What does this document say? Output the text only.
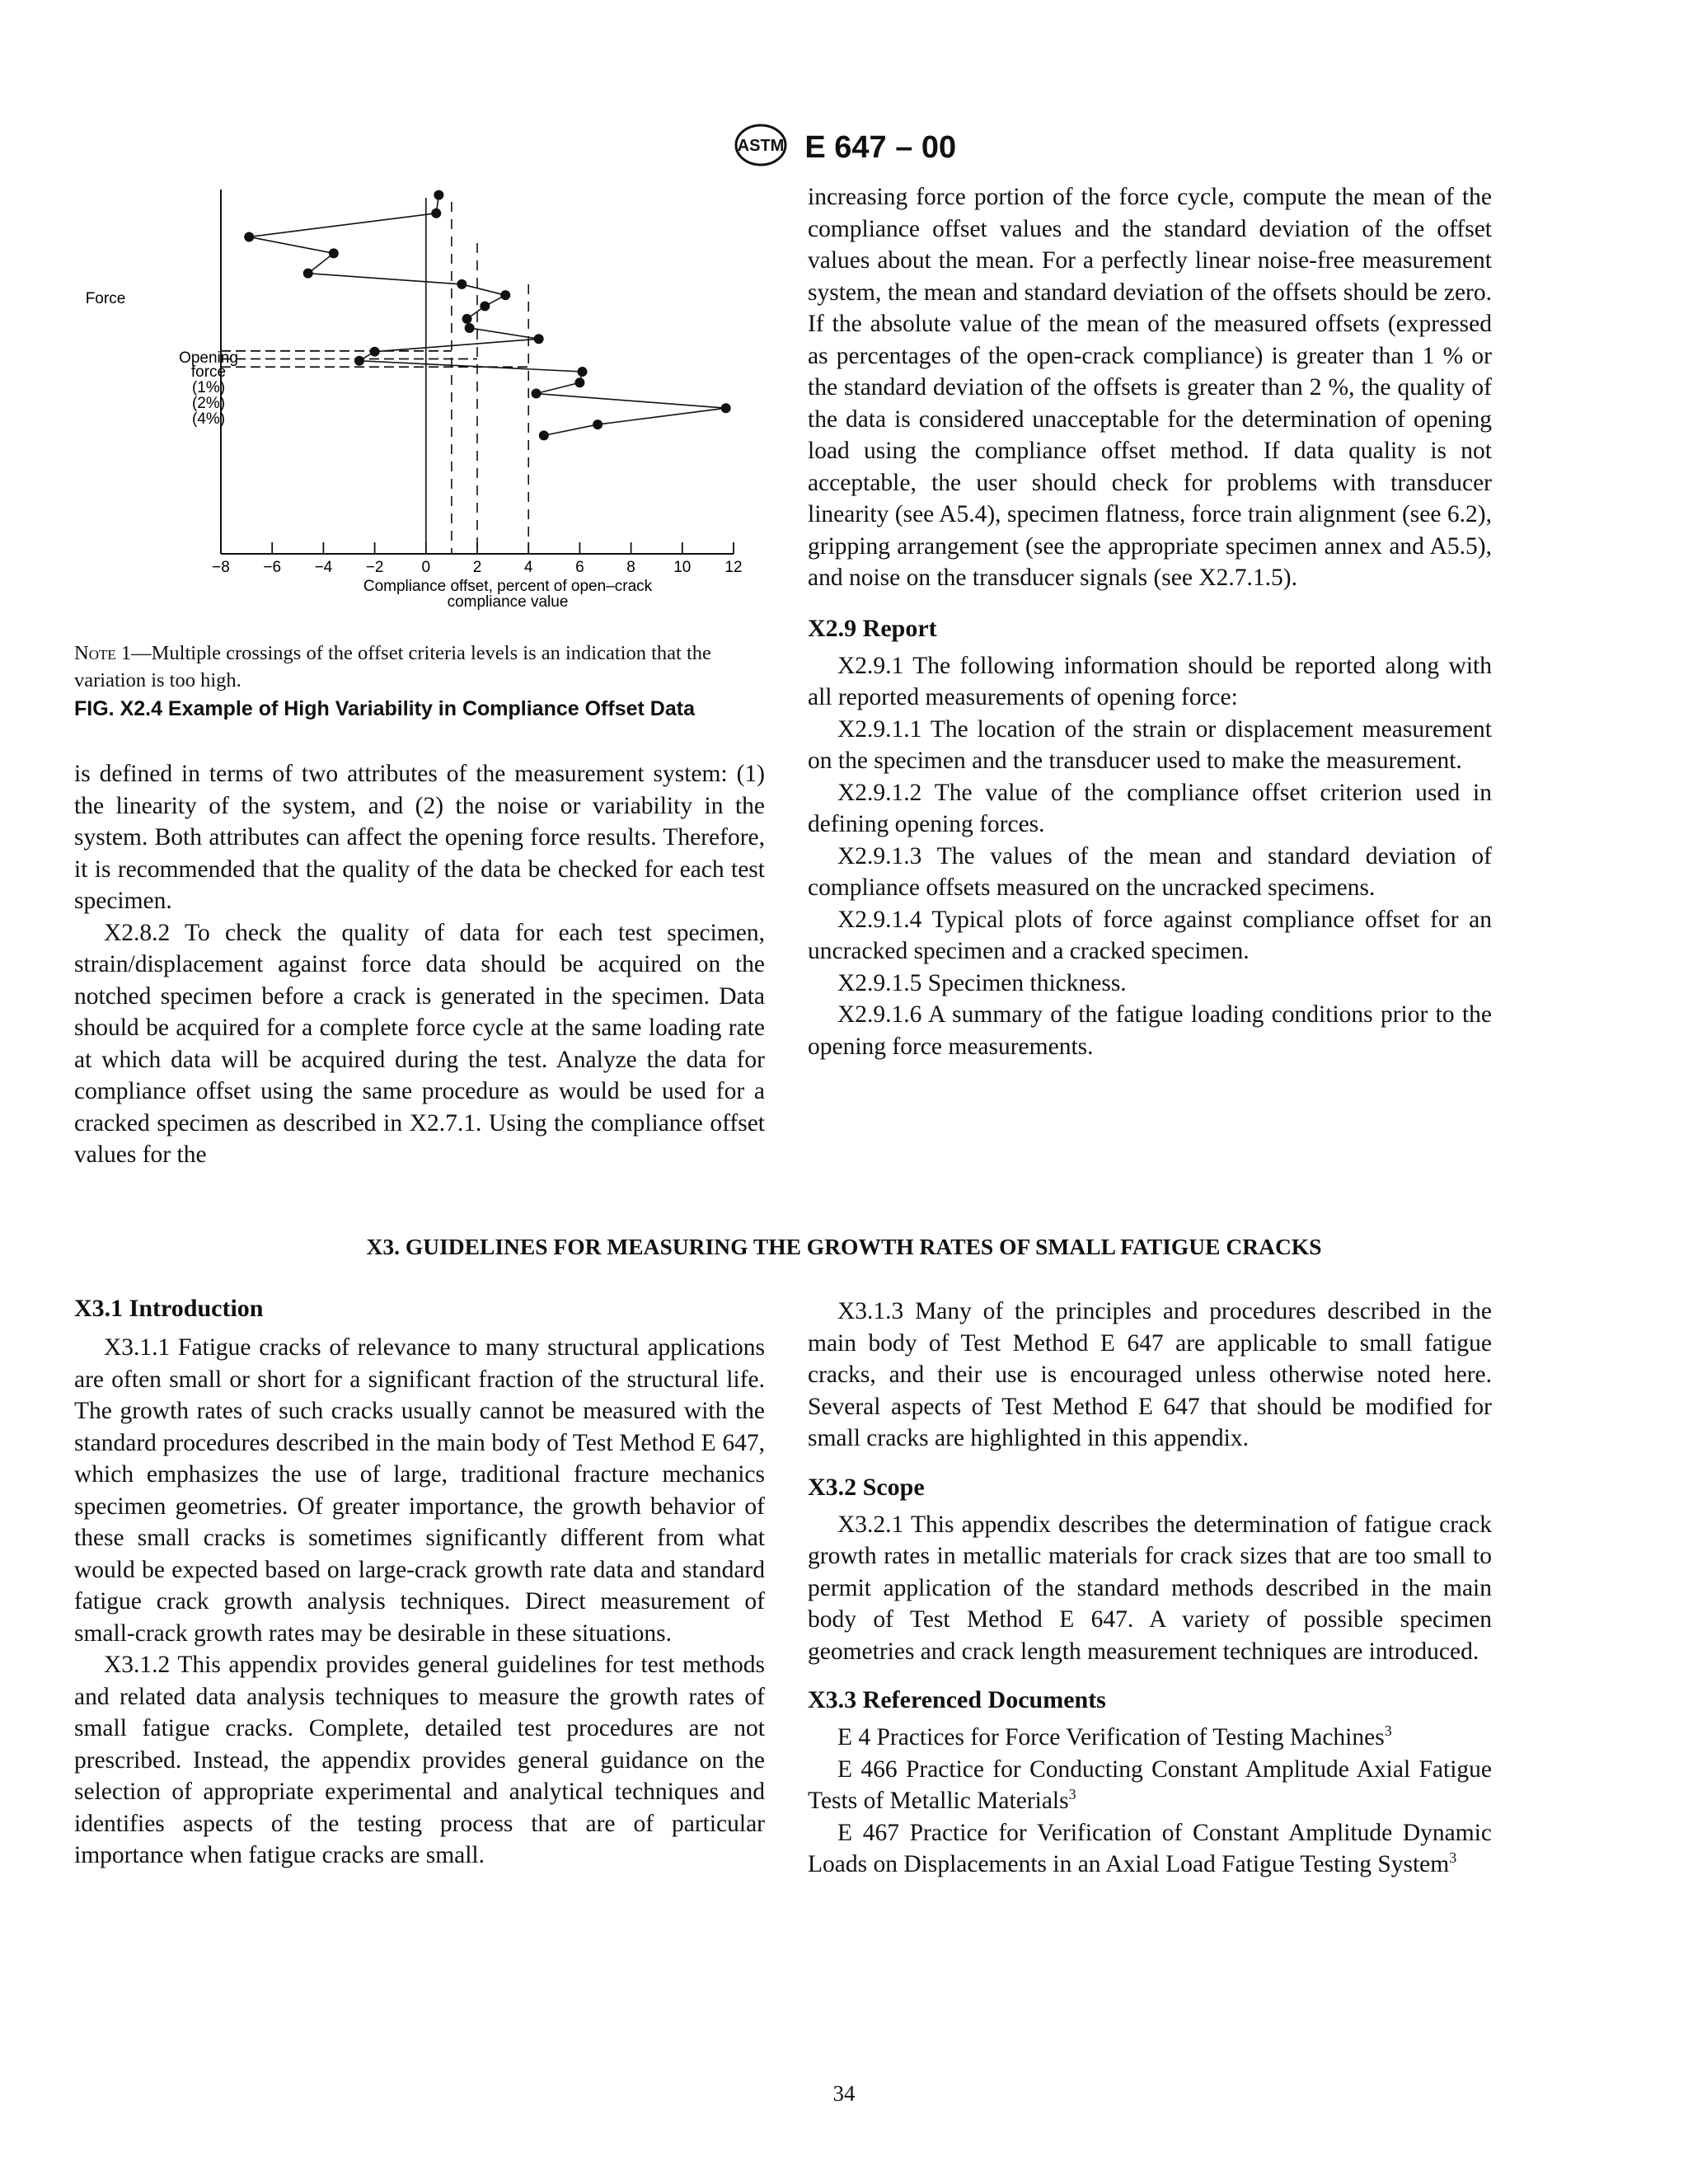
ASTM E 647 – 00
−8 −6 −4 −2 0	2	4	6	8 10 12
Force
Opening
force
(1%)
(2%)
(4%)
Compliance offset, percent of open–crack
compliance value
Note 1—Multiple crossings of the offset criteria levels is an indication that the variation is too high.
FIG. X2.4 Example of High Variability in Compliance Offset Data

is defined in terms of two attributes of the measurement system: (1) the linearity of the system, and (2) the noise or variability in the system. Both attributes can affect the opening force results. Therefore, it is recommended that the quality of the data be checked for each test specimen.

X2.8.2 To check the quality of data for each test specimen, strain/displacement against force data should be acquired on the notched specimen before a crack is generated in the specimen. Data should be acquired for a complete force cycle at the same loading rate at which data will be acquired during the test. Analyze the data for compliance offset using the same procedure as would be used for a cracked specimen as described in X2.7.1. Using the compliance offset values for the

increasing force portion of the force cycle, compute the mean of the compliance offset values and the standard deviation of the offset values about the mean. For a perfectly linear noise-free measurement system, the mean and standard deviation of the offsets should be zero. If the absolute value of the mean of the measured offsets (expressed as percentages of the open-crack compliance) is greater than 1 % or the standard deviation of the offsets is greater than 2 %, the quality of the data is considered unacceptable for the determination of opening load using the compliance offset method. If data quality is not acceptable, the user should check for problems with transducer linearity (see A5.4), specimen flatness, force train alignment (see 6.2), gripping arrangement (see the appropriate specimen annex and A5.5), and noise on the transducer signals (see X2.7.1.5).

X2.9 Report

X2.9.1 The following information should be reported along with all reported measurements of opening force:

X2.9.1.1 The location of the strain or displacement measurement on the specimen and the transducer used to make the measurement.

X2.9.1.2 The value of the compliance offset criterion used in defining opening forces.

X2.9.1.3 The values of the mean and standard deviation of compliance offsets measured on the uncracked specimens.

X2.9.1.4 Typical plots of force against compliance offset for an uncracked specimen and a cracked specimen.

X2.9.1.5 Specimen thickness.

X2.9.1.6 A summary of the fatigue loading conditions prior to the opening force measurements.

X3. GUIDELINES FOR MEASURING THE GROWTH RATES OF SMALL FATIGUE CRACKS
X3.1 Introduction

X3.1.1 Fatigue cracks of relevance to many structural applications are often small or short for a significant fraction of the structural life. The growth rates of such cracks usually cannot be measured with the standard procedures described in the main body of Test Method E 647, which emphasizes the use of large, traditional fracture mechanics specimen geometries. Of greater importance, the growth behavior of these small cracks is sometimes significantly different from what would be expected based on large-crack growth rate data and standard fatigue crack growth analysis techniques. Direct measurement of small-crack growth rates may be desirable in these situations.

X3.1.2 This appendix provides general guidelines for test methods and related data analysis techniques to measure the growth rates of small fatigue cracks. Complete, detailed test procedures are not prescribed. Instead, the appendix provides general guidance on the selection of appropriate experimental and analytical techniques and identifies aspects of the testing process that are of particular importance when fatigue cracks are small.

X3.1.3 Many of the principles and procedures described in the main body of Test Method E 647 are applicable to small fatigue cracks, and their use is encouraged unless otherwise noted here. Several aspects of Test Method E 647 that should be modified for small cracks are highlighted in this appendix.

X3.2 Scope

X3.2.1 This appendix describes the determination of fatigue crack growth rates in metallic materials for crack sizes that are too small to permit application of the standard methods described in the main body of Test Method E 647. A variety of possible specimen geometries and crack length measurement techniques are introduced.

X3.3 Referenced Documents

E 4 Practices for Force Verification of Testing Machines$^3$

E 466 Practice for Conducting Constant Amplitude Axial Fatigue Tests of Metallic Materials$^3$

E 467 Practice for Verification of Constant Amplitude Dynamic Loads on Displacements in an Axial Load Fatigue Testing System$^3$

34
